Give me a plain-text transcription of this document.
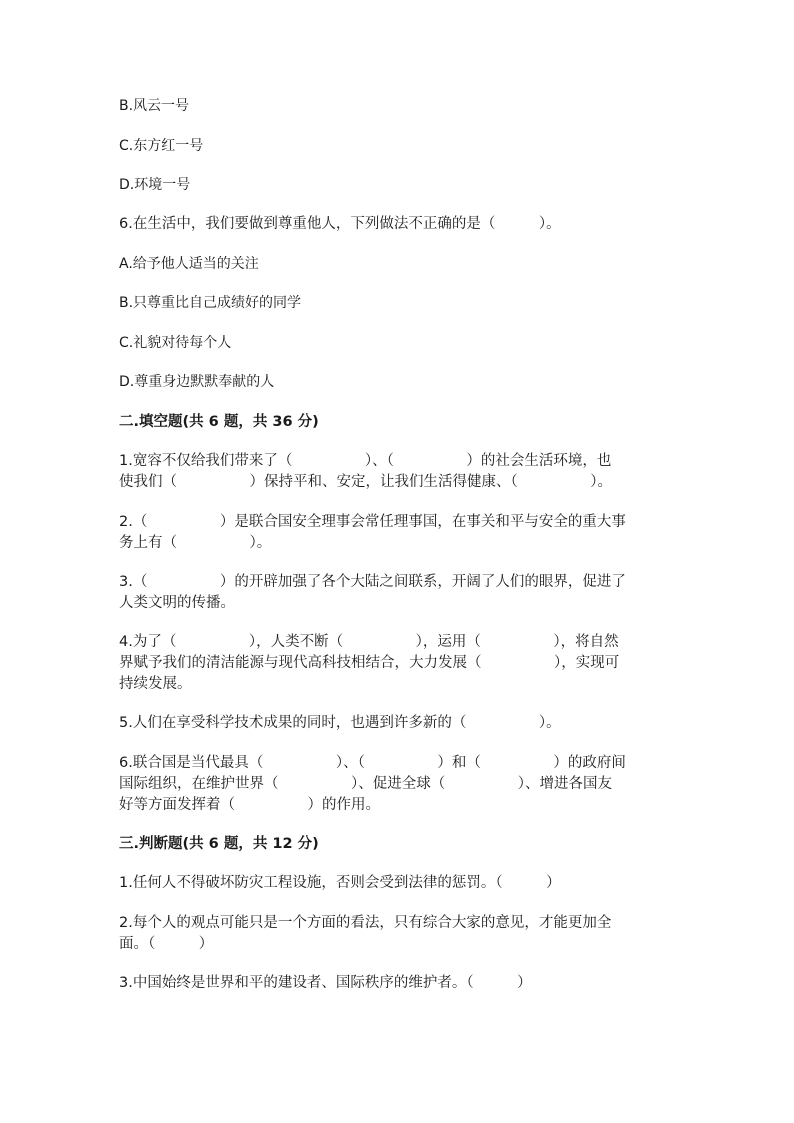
B.风云一号
C.东方红一号
D.环境一号
6.在生活中，我们要做到尊重他人，下列做法不正确的是（　　　）。
A.给予他人适当的关注
B.只尊重比自己成绩好的同学
C.礼貌对待每个人
D.尊重身边默默奉献的人
二.填空题(共 6 题，共 36 分)
1.宽容不仅给我们带来了（　　　　　）、（　　　　　）的社会生活环境，也
使我们（　　　　　）保持平和、安定，让我们生活得健康、（　　　　　）。
2.（　　　　　）是联合国安全理事会常任理事国，在事关和平与安全的重大事
务上有（　　　　　）。
3.（　　　　　）的开辟加强了各个大陆之间联系，开阔了人们的眼界，促进了
人类文明的传播。
4.为了（　　　　　），人类不断（　　　　　），运用（　　　　　），将自然
界赋予我们的清洁能源与现代高科技相结合，大力发展（　　　　　），实现可
持续发展。
5.人们在享受科学技术成果的同时，也遇到许多新的（　　　　　）。
6.联合国是当代最具（　　　　　）、（　　　　　）和（　　　　　）的政府间
国际组织，在维护世界（　　　　　）、促进全球（　　　　　）、增进各国友
好等方面发挥着（　　　　　）的作用。
三.判断题(共 6 题，共 12 分)
1.任何人不得破坏防灾工程设施，否则会受到法律的惩罚。（　　　）
2.每个人的观点可能只是一个方面的看法，只有综合大家的意见，才能更加全
面。（　　　）
3.中国始终是世界和平的建设者、国际秩序的维护者。（　　　）
